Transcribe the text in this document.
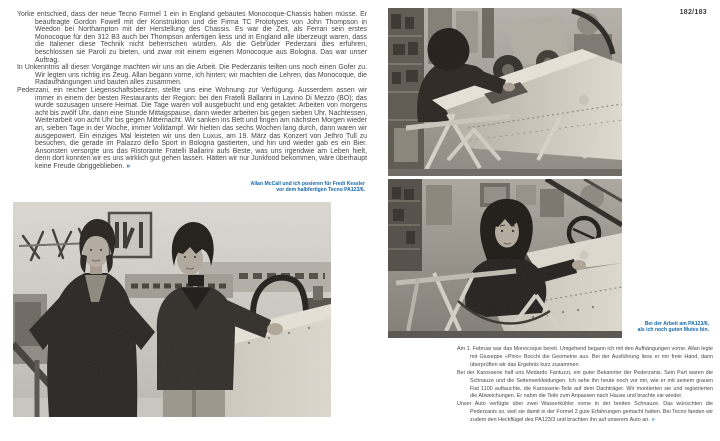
182/183

Yorke entschied, dass der neue Tecno Formel 1 ein in England gebautes Monocoque-Chassis haben müsse. Er beauftragte Gordon Fowell mit der Konstruktion und die Firma TC Prototypes von John Thompson in Weedon bei Northampton mit der Herstellung des Chassis. Es war die Zeit, als Ferrari sein erstes Monocoque für den 312 B3 auch bei Thompson anfertigen liess und in England alle überzeugt waren, dass die Italiener diese Technik nicht beherrschen würden. Als die Gebrüder Pederzani dies erfuhren, beschlossen sie Paroli zu bieten, und zwar mit einem eigenen Monocoque aus Bologna. Das war unser Auftrag.

In Unkenntnis all dieser Vorgänge machten wir uns an die Arbeit. Die Pederzanis teilten uns noch einen Gofer zu. Wir legten uns richtig ins Zeug. Allan begann vorne, ich hinten; wir machten die Lehren, das Monocoque, die Radaufhängungen und bauten alles zusammen.

Pederzani, ein reicher Liegenschaftsbesitzer, stellte uns eine Wohnung zur Verfügung. Ausserdem assen wir immer in einem der besten Restaurants der Region: bei den Fratelli Ballarini in Lavino Di Mezzo (BO); das wurde sozusagen unsere Heimat. Die Tage waren voll ausgebucht und eng getaktet: Arbeiten von morgens acht bis zwölf Uhr, dann eine Stunde Mittagspause, dann wieder arbeiten bis gegen sieben Uhr, Nachtessen, Weiterarbeit von acht Uhr bis gegen Mitternacht. Wir sanken ins Bett und fingen am nächsten Morgen wieder an, sieben Tage in der Woche, immer Volldampf. Wir hielten das sechs Wochen lang durch, dann waren wir ausgepowert. Ein einziges Mal leisteten wir uns den Luxus, am 19. März das Konzert von Jethro Tull zu besuchen, die gerade im Palazzo dello Sport in Bologna gastierten, und hin und wieder gab es ein Bier. Ansonsten versorgte uns das Ristorante Fratelli Ballarini aufs Beste, was uns irgendwie am Leben hielt, denn dort konnten wir es uns wirklich gut gehen lassen. Hätten wir nur Junkfood bekommen, wäre überhaupt keine Freude übriggeblieben. »

Allan McCall und ich posieren für Fredi Kessler
vor dem halbfertigen Tecno PA123/6.
Bei der Arbeit am PA123/6,
als ich noch guten Mutes bin.

Am 1. Februar war das Monocoque bereit. Umgehend begann ich mit den Aufhängungen vorne. Allan legte mit Giuseppe «Pino» Bocchi die Geometrie aus. Bei der Ausführung liess er mir freie Hand, dann überprüften wir das Ergebnis kurz zusammen.

Bei der Karosserie half uns Medardo Fantuzzi, ein guter Bekannter der Pederzanis. Sein Part waren die Schnauze und die Seitenverkleidungen. Ich sehe ihn heute noch vor mir, wie er mit seinem grauen Fiat 1100 auftauchte, die Karosserie-Teile auf dem Dachträger. Wir montierten sie und registrierten die Abweichungen. Er nahm die Teile zum Anpassen nach Hause und brachte sie wieder.

Unser Auto verfügte über zwei Wasserkühler vorne in der breiten Schnauze. Das wünschten die Pederzanis so, weil sie damit in der Formel 2 gute Erfahrungen gemacht hatten. Bei Tecno fanden wir zudem den Heckflügel des PA123/3 und brachten ihn auf unserem Auto an. »
